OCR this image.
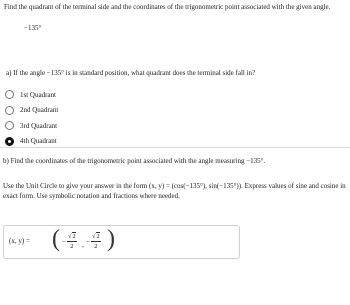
Find the quadrant of the terminal side and the coordinates of the trigonometric point associated with the given angle.
−135°
a) If the angle −135° is in standard position, what quadrant does the terminal side fall in?
1st Quadrant
2nd Quadrant
3rd Quadrant
4th Quadrant
b) Find the coordinates of the trigonometric point associated with the angle measuring −135°.
Use the Unit Circle to give your answer in the form (x, y) = (cos(−135°), sin(−135°)). Express values of sine and cosine in exact form. Use symbolic notation and fractions where needed.
(x, y) = ( − $\frac{√2}{2}$ , − $\frac{√2}{2}$ )
